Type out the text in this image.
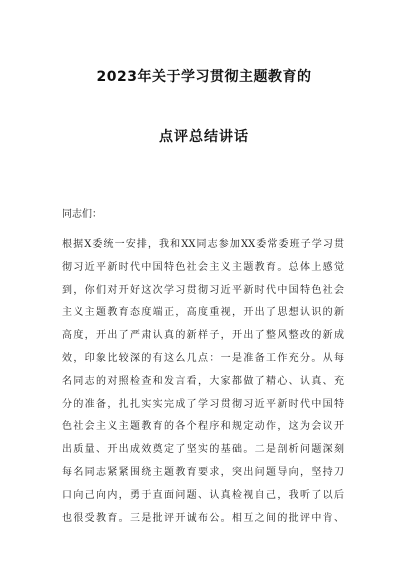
2023年关于学习贯彻主题教育的
点评总结讲话

同志们：

根据X委统一安排，我和XX同志参加XX委常委班子学习贯
彻习近平新时代中国特色社会主义主题教育。总体上感觉
到，你们对开好这次学习贯彻习近平新时代中国特色社会
主义主题教育态度端正，高度重视，开出了思想认识的新
高度，开出了严肃认真的新样子，开出了整风整改的新成
效，印象比较深的有这么几点：一是准备工作充分。从每
名同志的对照检查和发言看，大家都做了精心、认真、充
分的准备，扎扎实实完成了学习贯彻习近平新时代中国特
色社会主义主题教育的各个程序和规定动作，这为会议开
出质量、开出成效奠定了坚实的基础。二是剖析问题深刻
每名同志紧紧围绕主题教育要求，突出问题导向，坚持刀
口向己向内，勇于直面问题、认真检视自己，我听了以后
也很受教育。三是批评开诚布公。相互之间的批评中肯、
